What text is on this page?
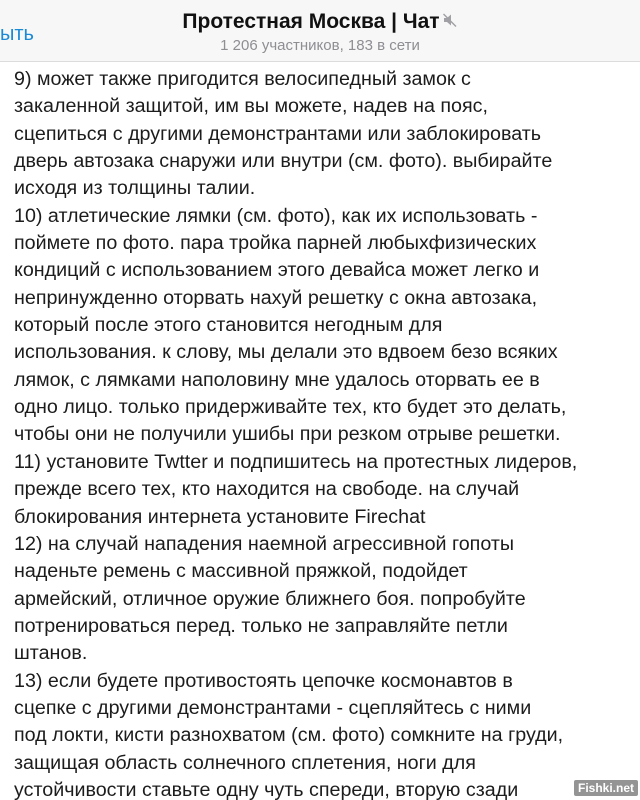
ыть
Протестная Москва | Чат
1 206 участников, 183 в сети
9) может также пригодится велосипедный замок с
закаленной защитой, им вы можете, надев на пояс,
сцепиться с другими демонстрантами или заблокировать
дверь автозака снаружи или внутри (см. фото). выбирайте
исходя из толщины талии.
10) атлетические лямки (см. фото), как их использовать -
поймете по фото. пара тройка парней любыхфизических
кондиций с использованием этого девайса может легко и
непринужденно оторвать нахуй решетку с окна автозака,
который после этого становится негодным для
использования. к слову, мы делали это вдвоем безо всяких
лямок, с лямками наполовину мне удалось оторвать ее в
одно лицо. только придерживайте тех, кто будет это делать,
чтобы они не получили ушибы при резком отрыве решетки.
11) установите Twtter и подпишитесь на протестных лидеров,
прежде всего тех, кто находится на свободе. на случай
блокирования интернета установите Firechat
12) на случай нападения наемной агрессивной гопоты
наденьте ремень с массивной пряжкой, подойдет
армейский, отличное оружие ближнего боя. попробуйте
потренироваться перед. только не заправляйте петли
штанов.
13) если будете противостоять цепочке космонавтов в
сцепке с другими демонстрантами - сцепляйтесь с ними
под локти, кисти разнохватом (см. фото) сомкните на груди,
защищая область солнечного сплетения, ноги для
устойчивости ставьте одну чуть спереди, вторую сзади	Fishki.net
